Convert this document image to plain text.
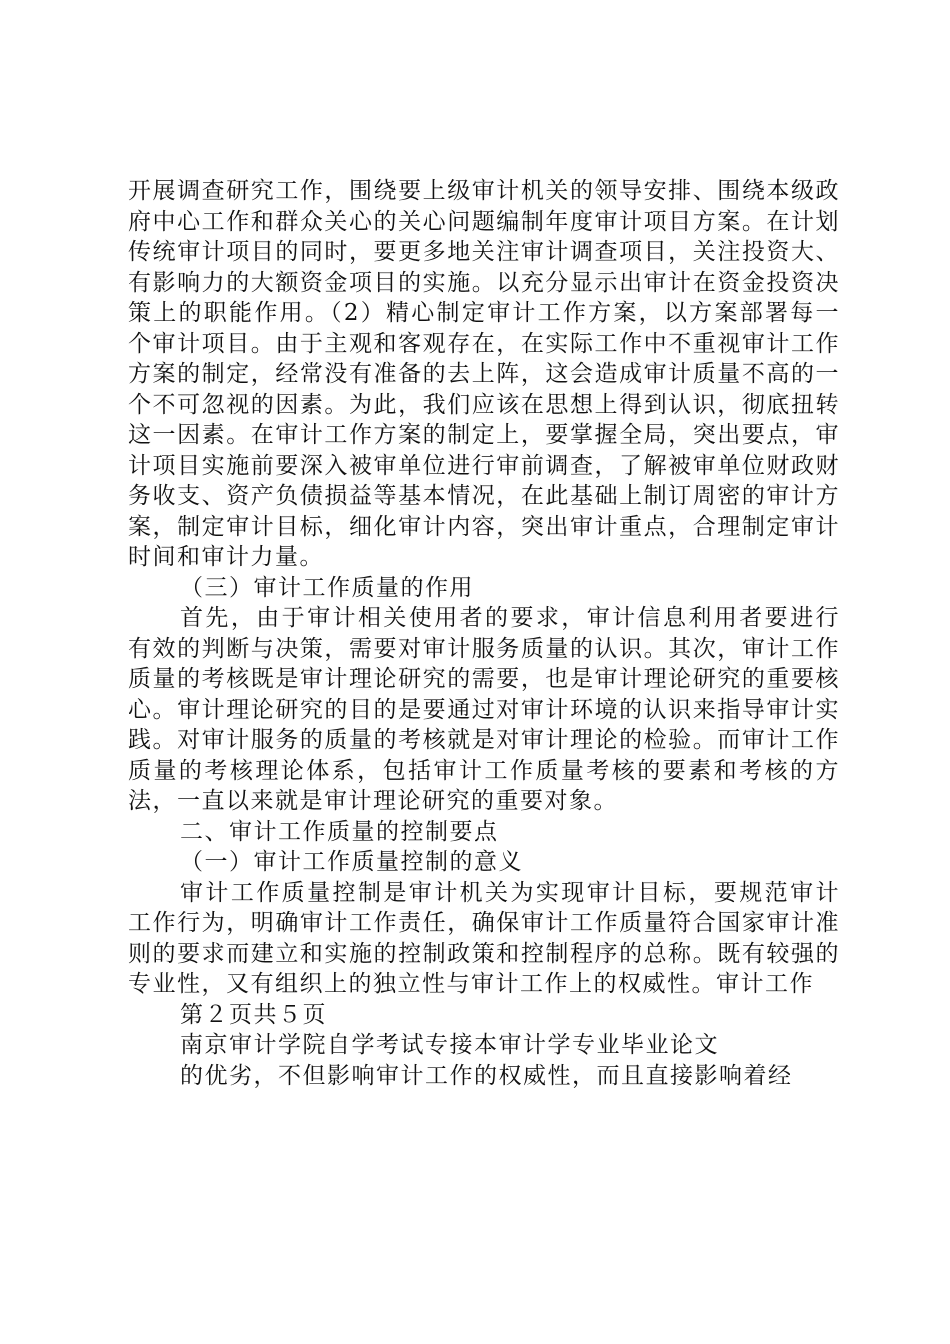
开展调查研究工作，围绕要上级审计机关的领导安排、围绕本级政府中心工作和群众关心的关心问题编制年度审计项目方案。在计划传统审计项目的同时，要更多地关注审计调查项目，关注投资大、有影响力的大额资金项目的实施。以充分显示出审计在资金投资决策上的职能作用。（2）精心制定审计工作方案，以方案部署每一个审计项目。由于主观和客观存在，在实际工作中不重视审计工作方案的制定，经常没有准备的去上阵，这会造成审计质量不高的一个不可忽视的因素。为此，我们应该在思想上得到认识，彻底扭转这一因素。在审计工作方案的制定上，要掌握全局，突出要点，审计项目实施前要深入被审单位进行审前调查，了解被审单位财政财务收支、资产负债损益等基本情况，在此基础上制订周密的审计方案，制定审计目标，细化审计内容，突出审计重点，合理制定审计时间和审计力量。

（三）审计工作质量的作用

首先，由于审计相关使用者的要求，审计信息利用者要进行有效的判断与决策，需要对审计服务质量的认识。其次，审计工作质量的考核既是审计理论研究的需要，也是审计理论研究的重要核心。审计理论研究的目的是要通过对审计环境的认识来指导审计实践。对审计服务的质量的考核就是对审计理论的检验。而审计工作质量的考核理论体系，包括审计工作质量考核的要素和考核的方法，一直以来就是审计理论研究的重要对象。

二、审计工作质量的控制要点

（一）审计工作质量控制的意义

审计工作质量控制是审计机关为实现审计目标，要规范审计工作行为，明确审计工作责任，确保审计工作质量符合国家审计准则的要求而建立和实施的控制政策和控制程序的总称。既有较强的专业性，又有组织上的独立性与审计工作上的权威性。审计工作

第２页共５页

南京审计学院自学考试专接本审计学专业毕业论文

的优劣，不但影响审计工作的权威性，而且直接影响着经
